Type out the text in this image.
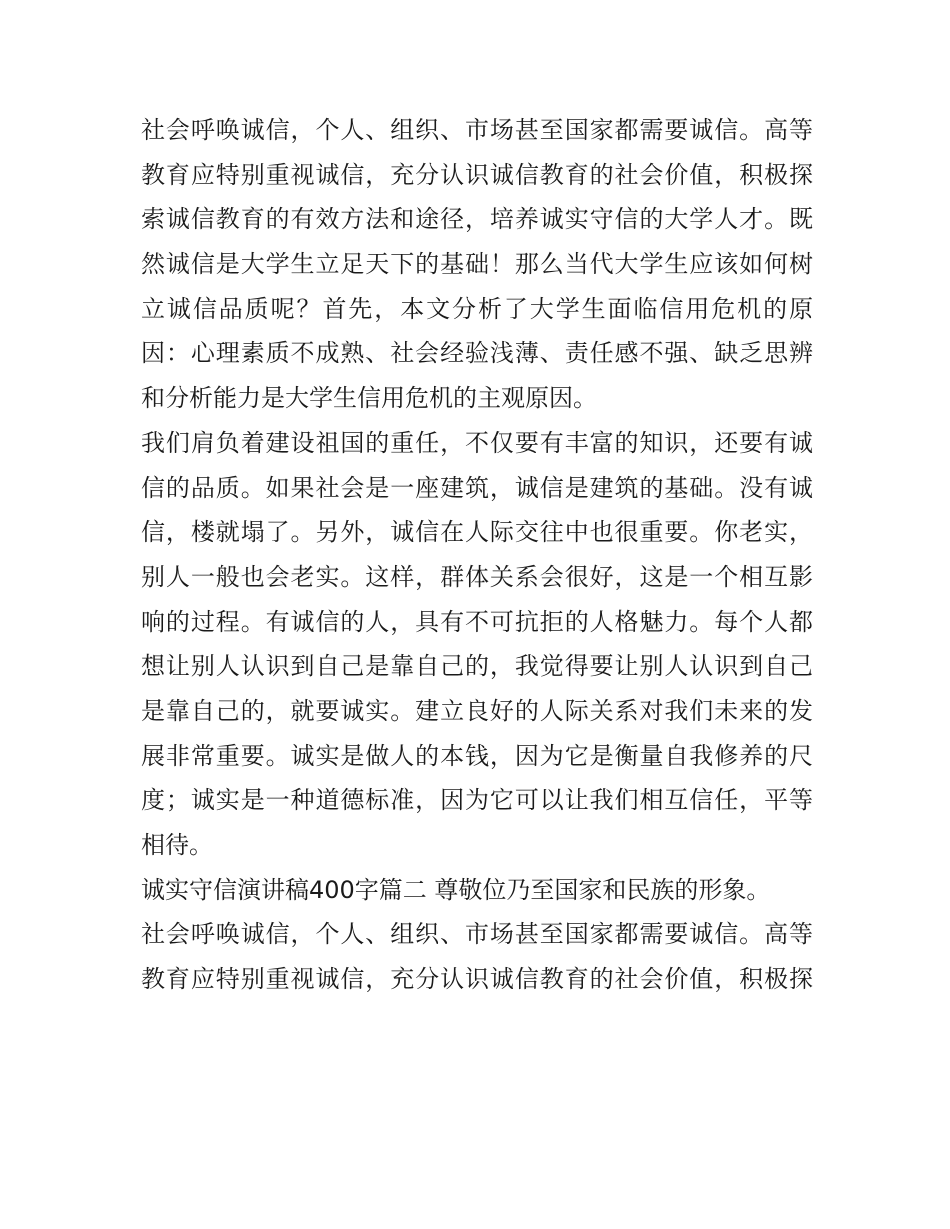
社会呼唤诚信，个人、组织、市场甚至国家都需要诚信。高等
教育应特别重视诚信，充分认识诚信教育的社会价值，积极探
索诚信教育的有效方法和途径，培养诚实守信的大学人才。既
然诚信是大学生立足天下的基础！那么当代大学生应该如何树
立诚信品质呢？首先，本文分析了大学生面临信用危机的原
因：心理素质不成熟、社会经验浅薄、责任感不强、缺乏思辨
和分析能力是大学生信用危机的主观原因。
我们肩负着建设祖国的重任，不仅要有丰富的知识，还要有诚
信的品质。如果社会是一座建筑，诚信是建筑的基础。没有诚
信，楼就塌了。另外，诚信在人际交往中也很重要。你老实，
别人一般也会老实。这样，群体关系会很好，这是一个相互影
响的过程。有诚信的人，具有不可抗拒的人格魅力。每个人都
想让别人认识到自己是靠自己的，我觉得要让别人认识到自己
是靠自己的，就要诚实。建立良好的人际关系对我们未来的发
展非常重要。诚实是做人的本钱，因为它是衡量自我修养的尺
度；诚实是一种道德标准，因为它可以让我们相互信任，平等
相待。
诚实守信演讲稿400字篇二 尊敬位乃至国家和民族的形象。
社会呼唤诚信，个人、组织、市场甚至国家都需要诚信。高等
教育应特别重视诚信，充分认识诚信教育的社会价值，积极探
